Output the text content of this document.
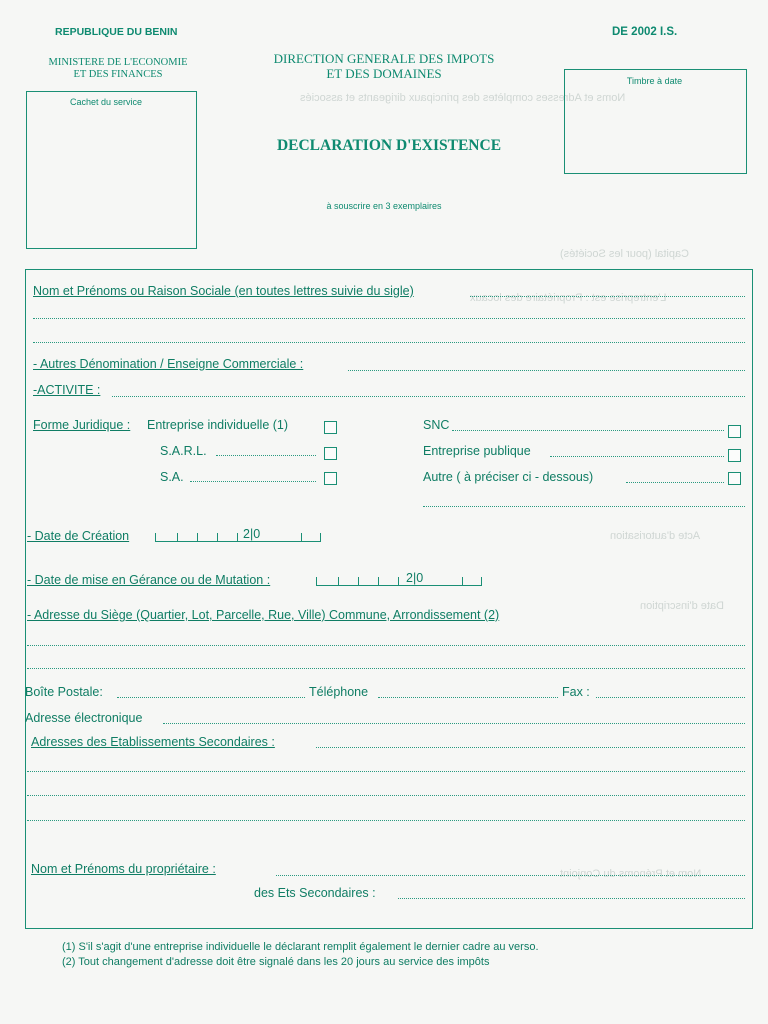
Noms et Adresses complètes des principaux dirigeants et associés
Capital (pour les Sociétés)
L'entreprise est : Propriétaire des locaux
Acte d'autorisation
Date d'inscription
Nom et Prénoms du Conjoint
REPUBLIQUE DU BENIN	DE 2002 I.S.
MINISTERE DE L'ECONOMIE
ET DES FINANCES
DIRECTION GENERALE DES IMPOTS
ET DES DOMAINES
Cachet du service
Timbre à date
DECLARATION D'EXISTENCE
à souscrire en 3 exemplaires
Nom et Prénoms ou Raison Sociale (en toutes lettres suivie du sigle)
- Autres Dénomination / Enseigne Commerciale :
-ACTIVITE :
Forme Juridique : Entreprise individuelle (1)
S.A.R.L.
S.A.
SNC
Entreprise publique
Autre ( à préciser ci - dessous)
- Date de Création	2|0
- Date de mise en Gérance ou de Mutation :	2|0
- Adresse du Siège (Quartier, Lot, Parcelle, Rue, Ville) Commune, Arrondissement (2)
Boîte Postale:	Téléphone	Fax :
Adresse électronique
Adresses des Etablissements Secondaires :
Nom et Prénoms du propriétaire :
des Ets Secondaires :
(1) S'il s'agit d'une entreprise individuelle le déclarant remplit également le dernier cadre au verso.
(2) Tout changement d'adresse doit être signalé dans les 20 jours au service des impôts
